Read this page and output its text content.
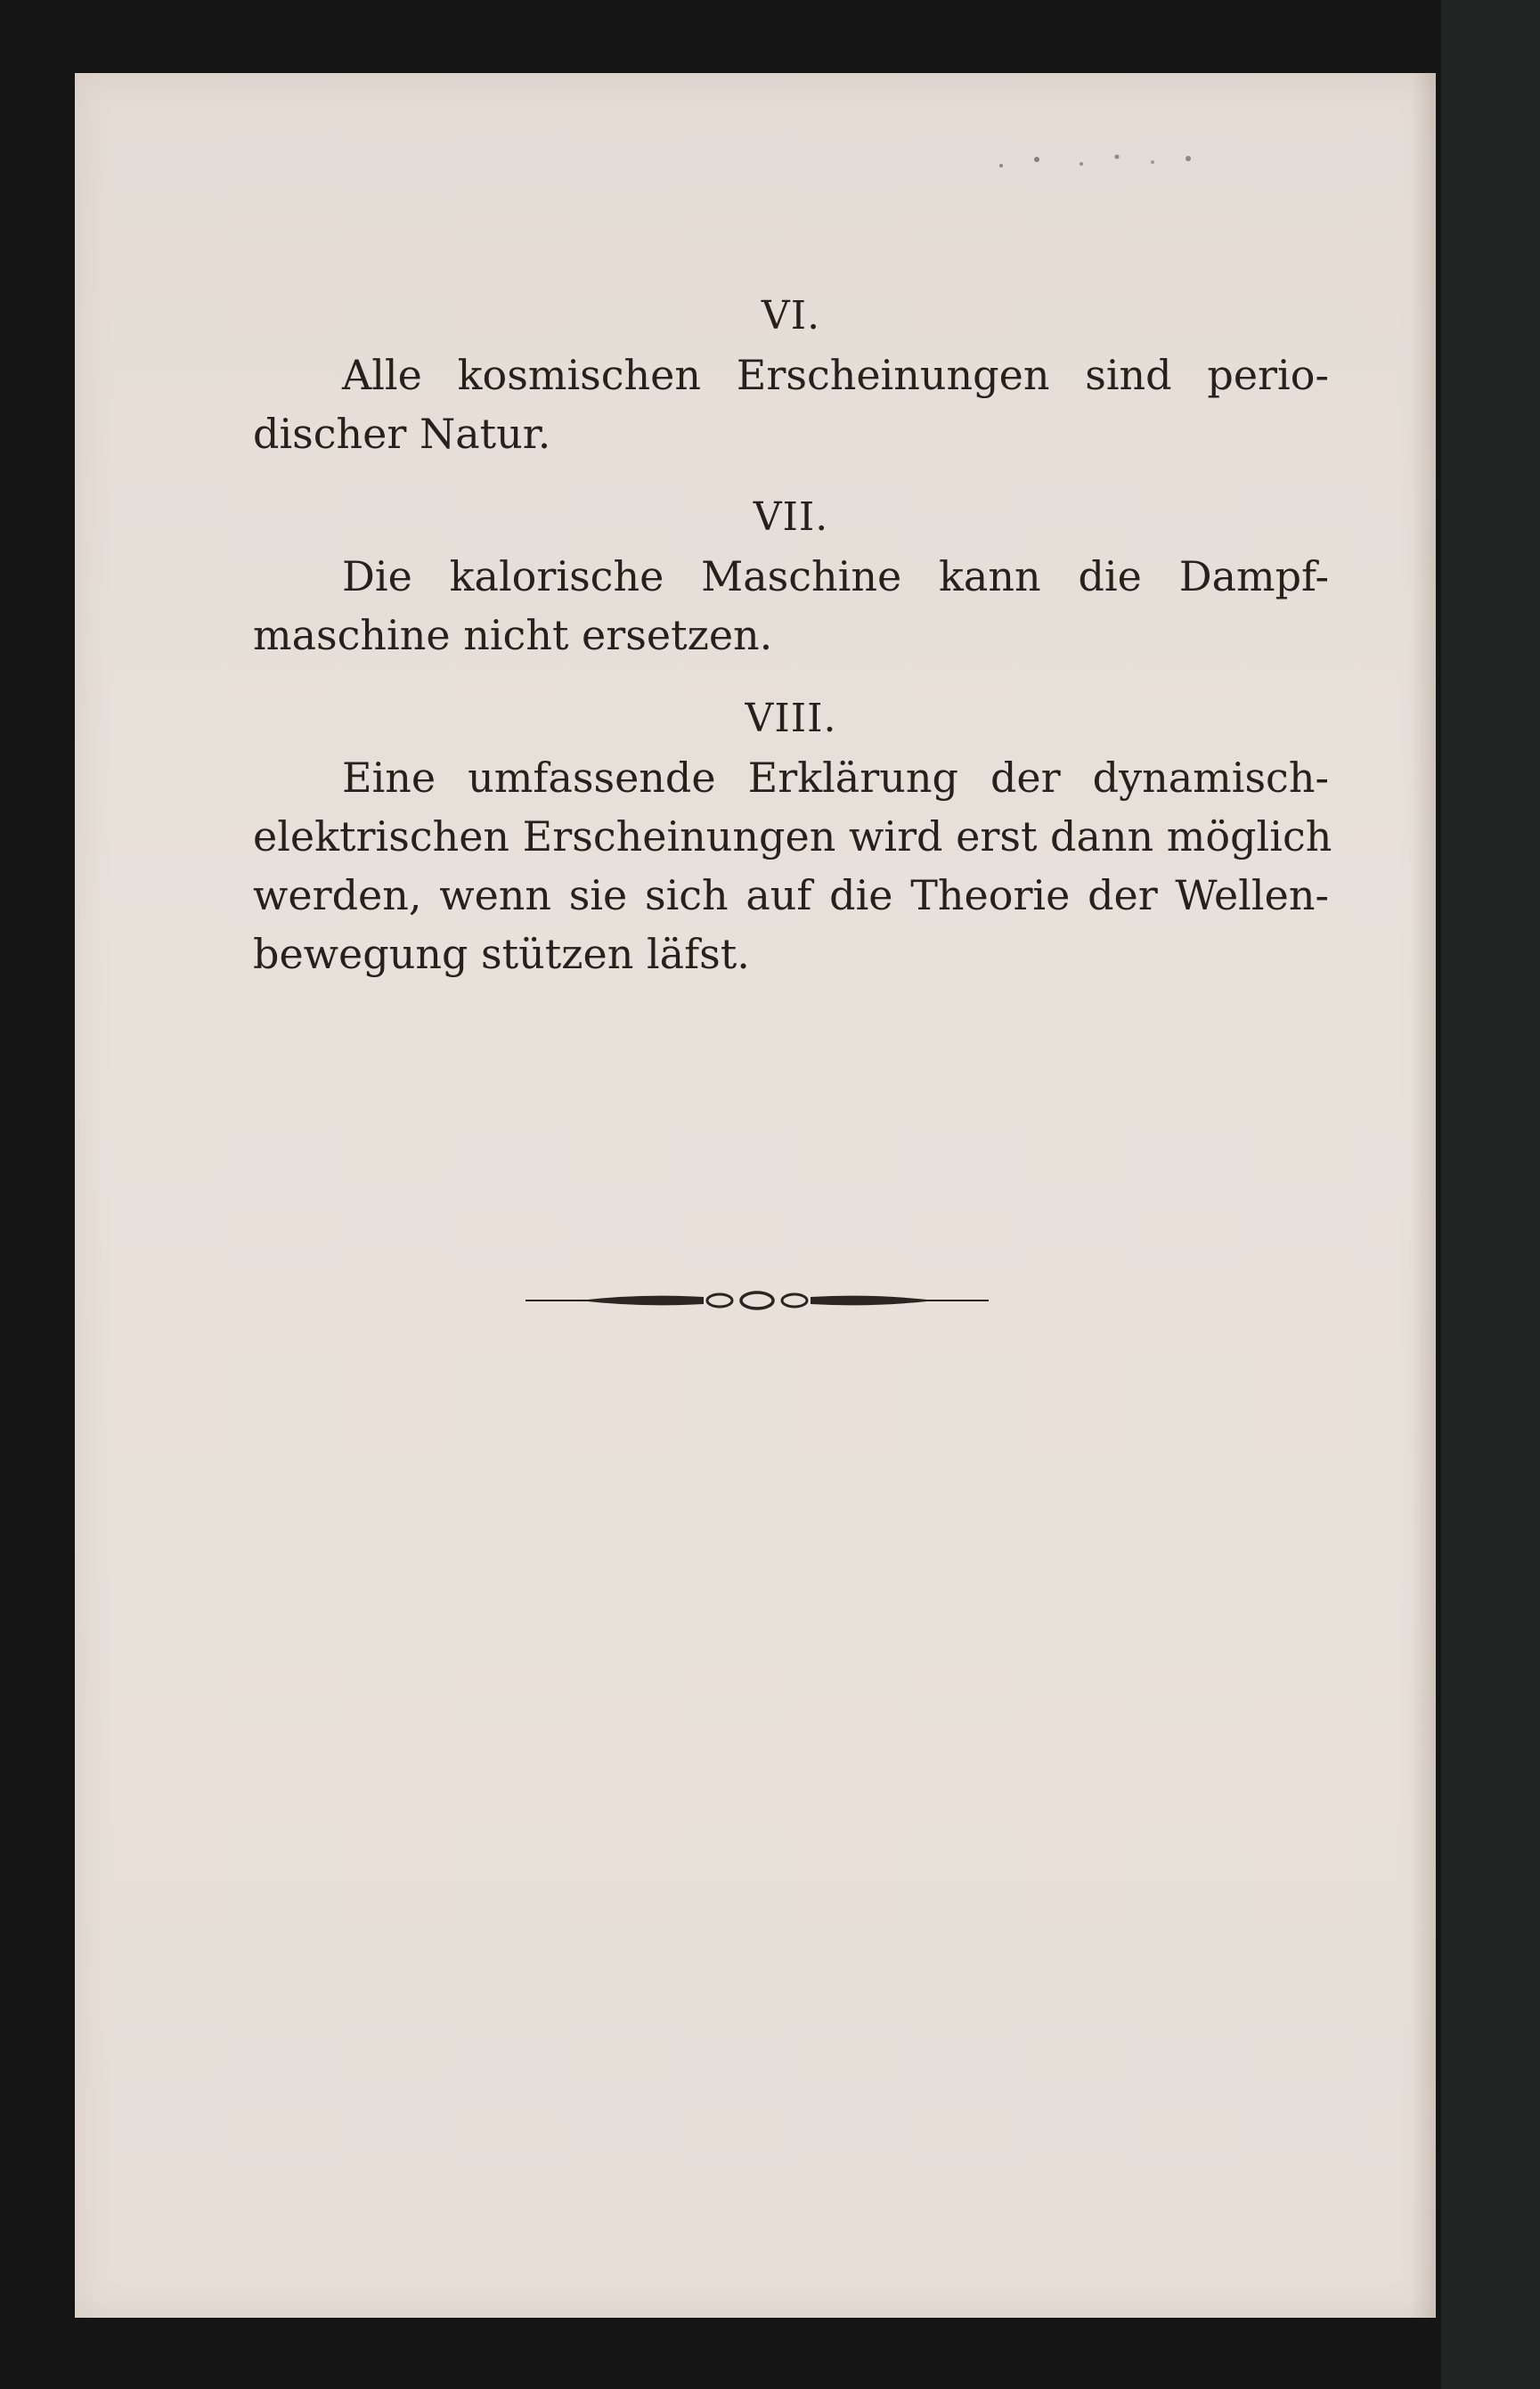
VI.

Alle kosmischen Erscheinungen sind perio-
discher Natur.

VII.

Die kalorische Maschine kann die Dampf-
maschine nicht ersetzen.

VIII.

Eine umfassende Erklärung der dynamisch-
elektrischen Erscheinungen wird erst dann möglich
werden, wenn sie sich auf die Theorie der Wellen-
bewegung stützen läfst.
